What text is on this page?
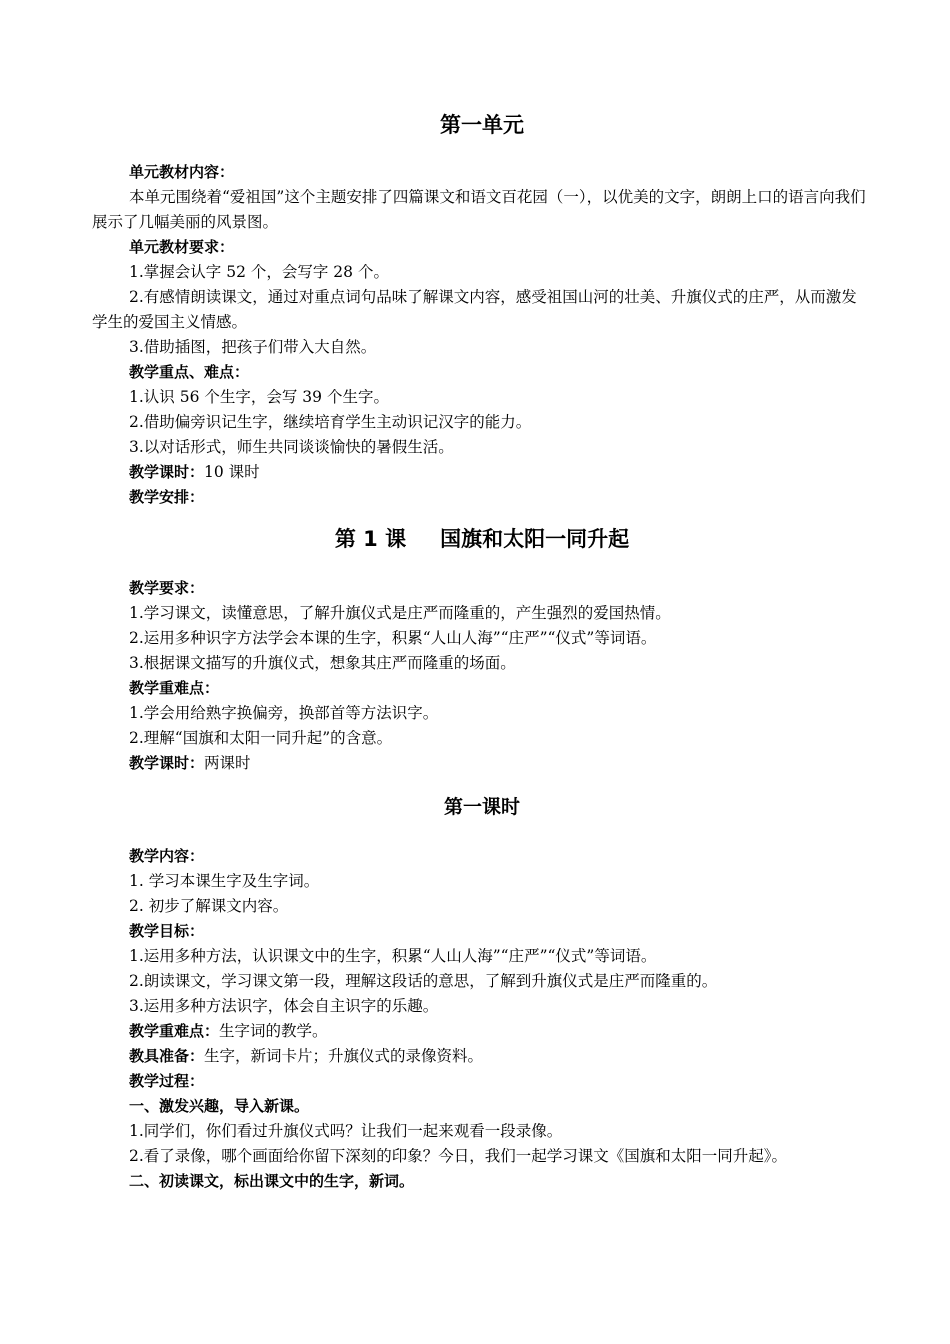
第一单元

单元教材内容：

本单元围绕着“爱祖国”这个主题安排了四篇课文和语文百花园（一），以优美的文字，朗朗上口的语言向我们展示了几幅美丽的风景图。

单元教材要求：

1.掌握会认字 52 个，会写字 28 个。

2.有感情朗读课文，通过对重点词句品味了解课文内容，感受祖国山河的壮美、升旗仪式的庄严，从而激发学生的爱国主义情感。

3.借助插图，把孩子们带入大自然。

教学重点、难点：

1.认识 56 个生字，会写 39 个生字。

2.借助偏旁识记生字，继续培育学生主动识记汉字的能力。

3.以对话形式，师生共同谈谈愉快的暑假生活。

教学课时：10 课时

教学安排：

第 1 课 国旗和太阳一同升起

教学要求：

1.学习课文，读懂意思，了解升旗仪式是庄严而隆重的，产生强烈的爱国热情。

2.运用多种识字方法学会本课的生字，积累“人山人海”“庄严”“仪式”等词语。

3.根据课文描写的升旗仪式，想象其庄严而隆重的场面。

教学重难点：

1.学会用给熟字换偏旁，换部首等方法识字。

2.理解“国旗和太阳一同升起”的含意。

教学课时：两课时

第一课时

教学内容：

1. 学习本课生字及生字词。

2. 初步了解课文内容。

教学目标：

1.运用多种方法，认识课文中的生字，积累“人山人海”“庄严”“仪式”等词语。

2.朗读课文，学习课文第一段，理解这段话的意思，了解到升旗仪式是庄严而隆重的。

3.运用多种方法识字，体会自主识字的乐趣。

教学重难点：生字词的教学。

教具准备：生字，新词卡片；升旗仪式的录像资料。

教学过程：

一、激发兴趣，导入新课。

1.同学们，你们看过升旗仪式吗？让我们一起来观看一段录像。

2.看了录像，哪个画面给你留下深刻的印象？今日，我们一起学习课文《国旗和太阳一同升起》。

二、初读课文，标出课文中的生字，新词。
